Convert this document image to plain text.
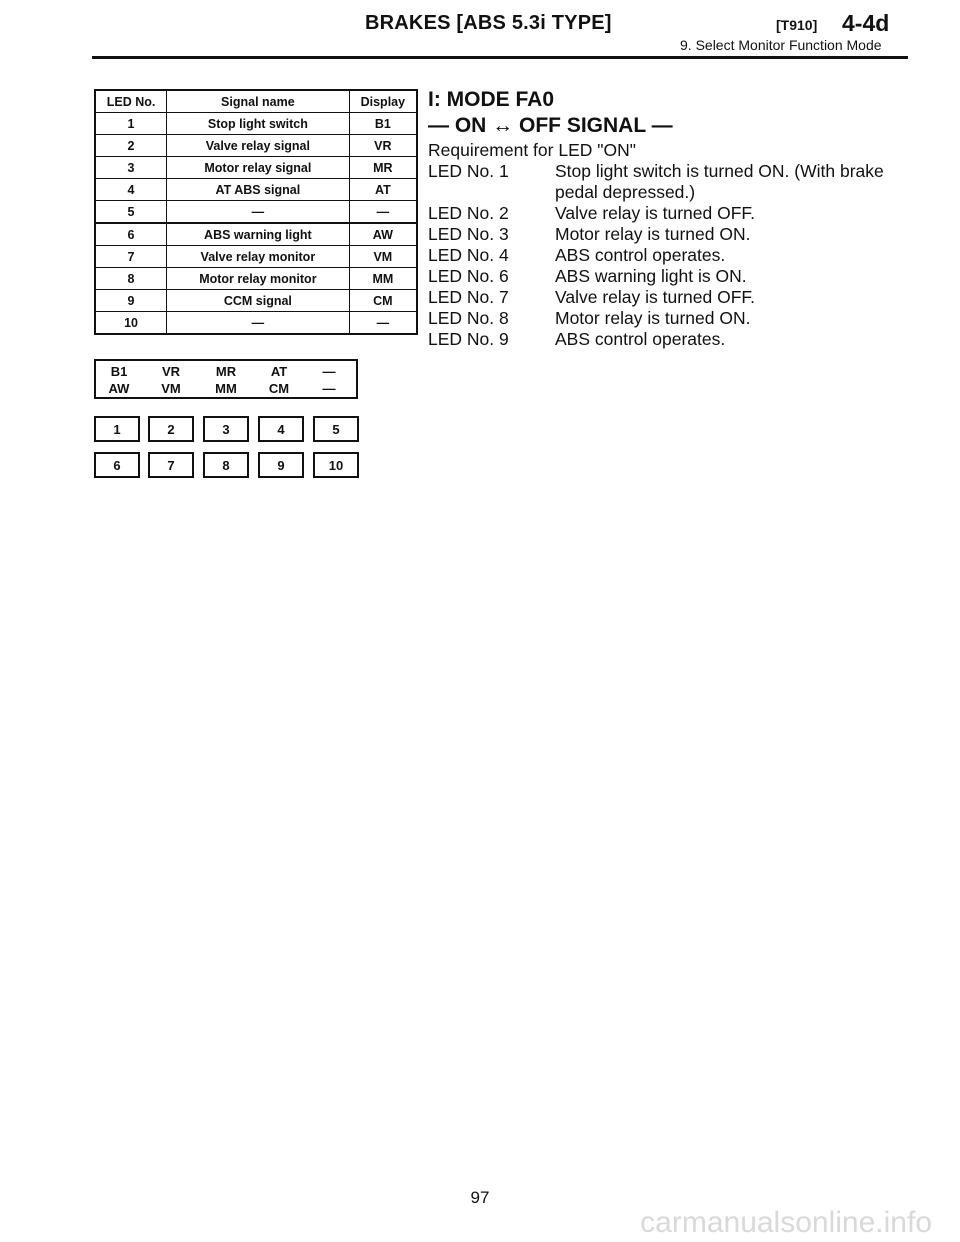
BRAKES [ABS 5.3i TYPE]	[T910] 4-4d
9. Select Monitor Function Mode
LED No.	Signal name	Display
1	Stop light switch	B1
2	Valve relay signal	VR
3	Motor relay signal	MR
4	AT ABS signal	AT
5	—	—
6	ABS warning light	AW
7	Valve relay monitor	VM
8	Motor relay monitor	MM
9	CCM signal	CM
10	—	—
B1	VR	MR	AT	—
AW	VM	MM	CM	—
1	2	3	4	5
6	7	8	9	10
I: MODE FA0
— ON ↔ OFF SIGNAL —
Requirement for LED "ON"
LED No. 1	Stop light switch is turned ON. (With brake
pedal depressed.)
LED No. 2	Valve relay is turned OFF.
LED No. 3	Motor relay is turned ON.
LED No. 4	ABS control operates.
LED No. 6	ABS warning light is ON.
LED No. 7	Valve relay is turned OFF.
LED No. 8	Motor relay is turned ON.
LED No. 9	ABS control operates.
97
carmanualsonline.info
